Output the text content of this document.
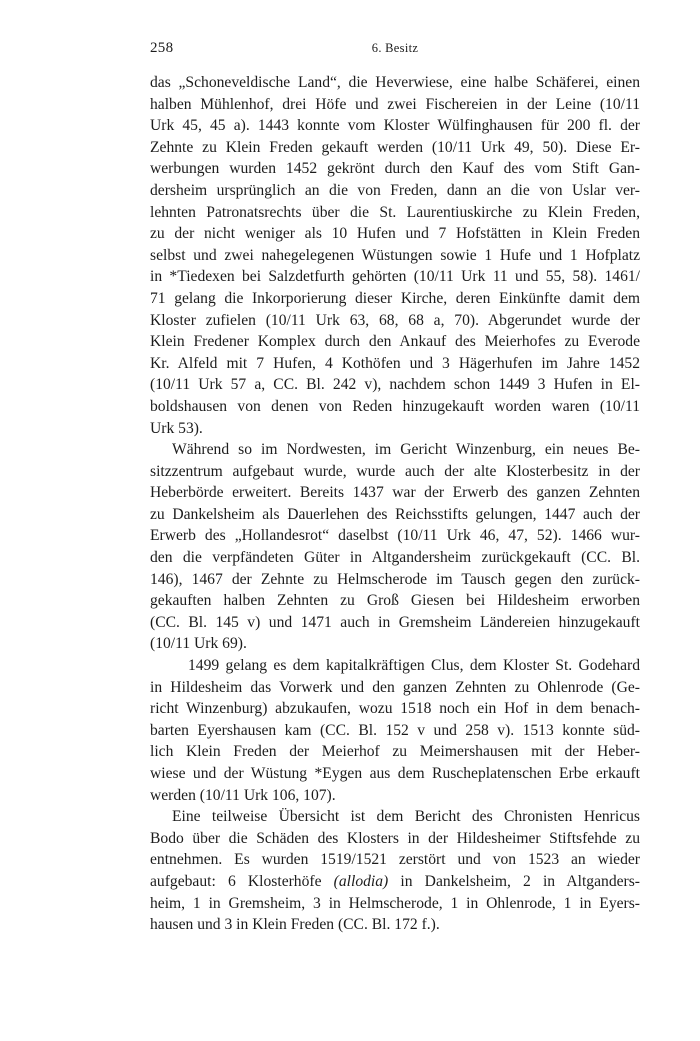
258	6. Besitz

das „Schoneveldische Land“, die Heverwiese, eine halbe Schäferei, einen
halben Mühlenhof, drei Höfe und zwei Fischereien in der Leine (10/11
Urk 45, 45 a). 1443 konnte vom Kloster Wülfinghausen für 200 fl. der
Zehnte zu Klein Freden gekauft werden (10/11 Urk 49, 50). Diese Er-
werbungen wurden 1452 gekrönt durch den Kauf des vom Stift Gan-
dersheim ursprünglich an die von Freden, dann an die von Uslar ver-
lehnten Patronatsrechts über die St. Laurentiuskirche zu Klein Freden,
zu der nicht weniger als 10 Hufen und 7 Hofstätten in Klein Freden
selbst und zwei nahegelegenen Wüstungen sowie 1 Hufe und 1 Hofplatz
in *Tiedexen bei Salzdetfurth gehörten (10/11 Urk 11 und 55, 58). 1461/
71 gelang die Inkorporierung dieser Kirche, deren Einkünfte damit dem
Kloster zufielen (10/11 Urk 63, 68, 68 a, 70). Abgerundet wurde der
Klein Fredener Komplex durch den Ankauf des Meierhofes zu Everode
Kr. Alfeld mit 7 Hufen, 4 Kothöfen und 3 Hägerhufen im Jahre 1452
(10/11 Urk 57 a, CC. Bl. 242 v), nachdem schon 1449 3 Hufen in El-
boldshausen von denen von Reden hinzugekauft worden waren (10/11
Urk 53).

Während so im Nordwesten, im Gericht Winzenburg, ein neues Be-
sitzzentrum aufgebaut wurde, wurde auch der alte Klosterbesitz in der
Heberbörde erweitert. Bereits 1437 war der Erwerb des ganzen Zehnten
zu Dankelsheim als Dauerlehen des Reichsstifts gelungen, 1447 auch der
Erwerb des „Hollandesrot“ daselbst (10/11 Urk 46, 47, 52). 1466 wur-
den die verpfändeten Güter in Altgandersheim zurückgekauft (CC. Bl.
146), 1467 der Zehnte zu Helmscherode im Tausch gegen den zurück-
gekauften halben Zehnten zu Groß Giesen bei Hildesheim erworben
(CC. Bl. 145 v) und 1471 auch in Gremsheim Ländereien hinzugekauft
(10/11 Urk 69).

1499 gelang es dem kapitalkräftigen Clus, dem Kloster St. Godehard
in Hildesheim das Vorwerk und den ganzen Zehnten zu Ohlenrode (Ge-
richt Winzenburg) abzukaufen, wozu 1518 noch ein Hof in dem benach-
barten Eyershausen kam (CC. Bl. 152 v und 258 v). 1513 konnte süd-
lich Klein Freden der Meierhof zu Meimershausen mit der Heber-
wiese und der Wüstung *Eygen aus dem Ruscheplatenschen Erbe erkauft
werden (10/11 Urk 106, 107).

Eine teilweise Übersicht ist dem Bericht des Chronisten Henricus
Bodo über die Schäden des Klosters in der Hildesheimer Stiftsfehde zu
entnehmen. Es wurden 1519/1521 zerstört und von 1523 an wieder
aufgebaut: 6 Klosterhöfe (allodia) in Dankelsheim, 2 in Altganders-
heim, 1 in Gremsheim, 3 in Helmscherode, 1 in Ohlenrode, 1 in Eyers-
hausen und 3 in Klein Freden (CC. Bl. 172 f.).
